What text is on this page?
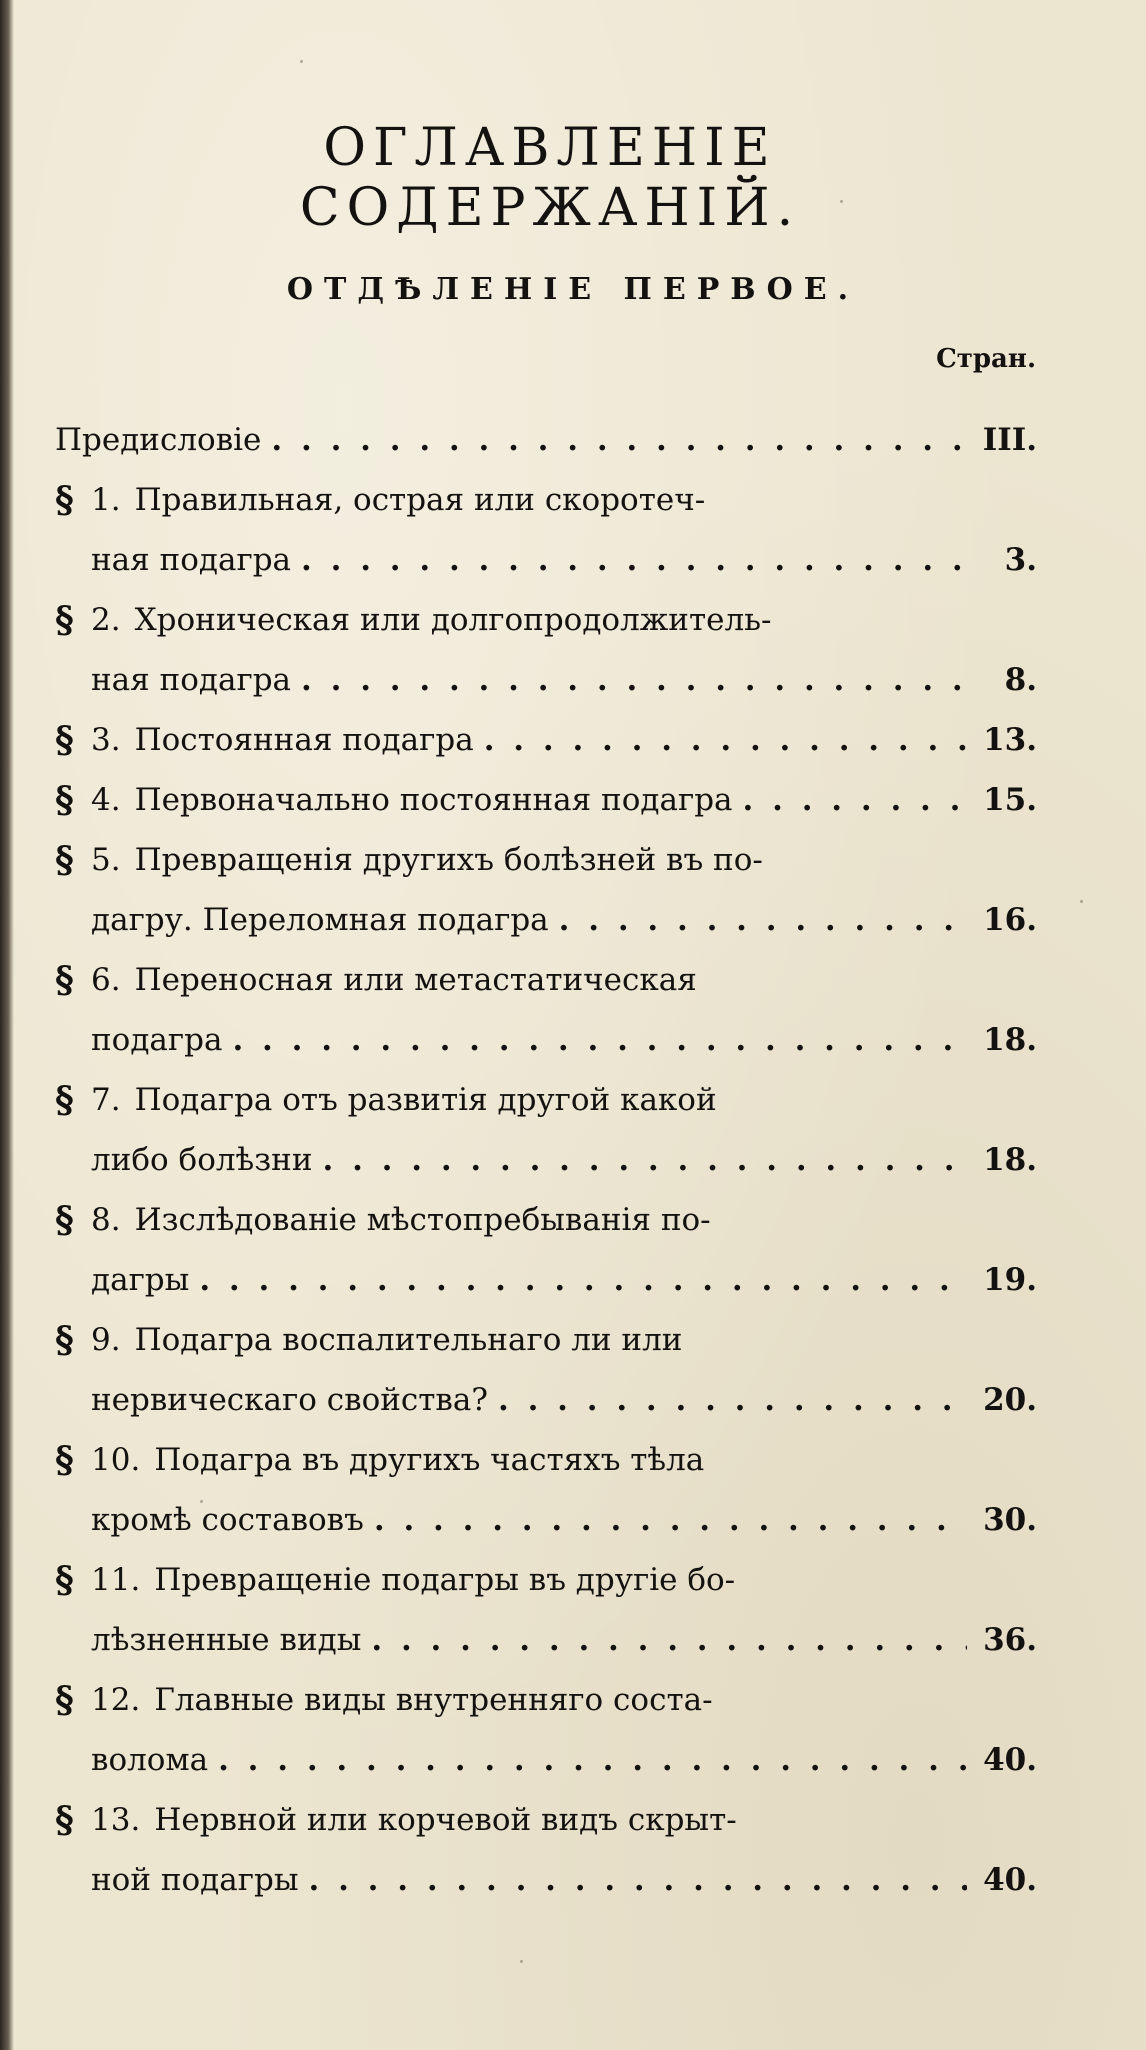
ОГЛАВЛЕНІЕ СОДЕРЖАНІЙ.
ОТДѢЛЕНІЕ ПЕРВОЕ.
Стран.
Предисловіе . . .	III.
§ 1. Правильная, острая или скоротеч-
ная подагра . . .	3.
§ 2. Хроническая или долгопродолжитель-
ная подагра . . .	8.
§ 3. Постоянная подагра . . .	13.
§ 4. Первоначально постоянная подагра . . .	15.
§ 5. Превращенія другихъ болѣзней въ по-
дагру. Переломная подагра . . .	16.
§ 6. Переносная или метастатическая
подагра . . .	18.
§ 7. Подагра отъ развитія другой какой
либо болѣзни . . .	18.
§ 8. Изслѣдованіе мѣстопребыванія по-
дагры . . .	19.
§ 9. Подагра воспалительнаго ли или
нервическаго свойства? . . .	20.
§ 10. Подагра въ другихъ частяхъ тѣла
кромѣ составовъ . . .	30.
§ 11. Превращеніе подагры въ другіе бо-
лѣзненные виды . . .	36.
§ 12. Главные виды внутренняго соста-
волома . . .	40.
§ 13. Нервной или корчевой видъ скрыт-
ной подагры . . .	40.
